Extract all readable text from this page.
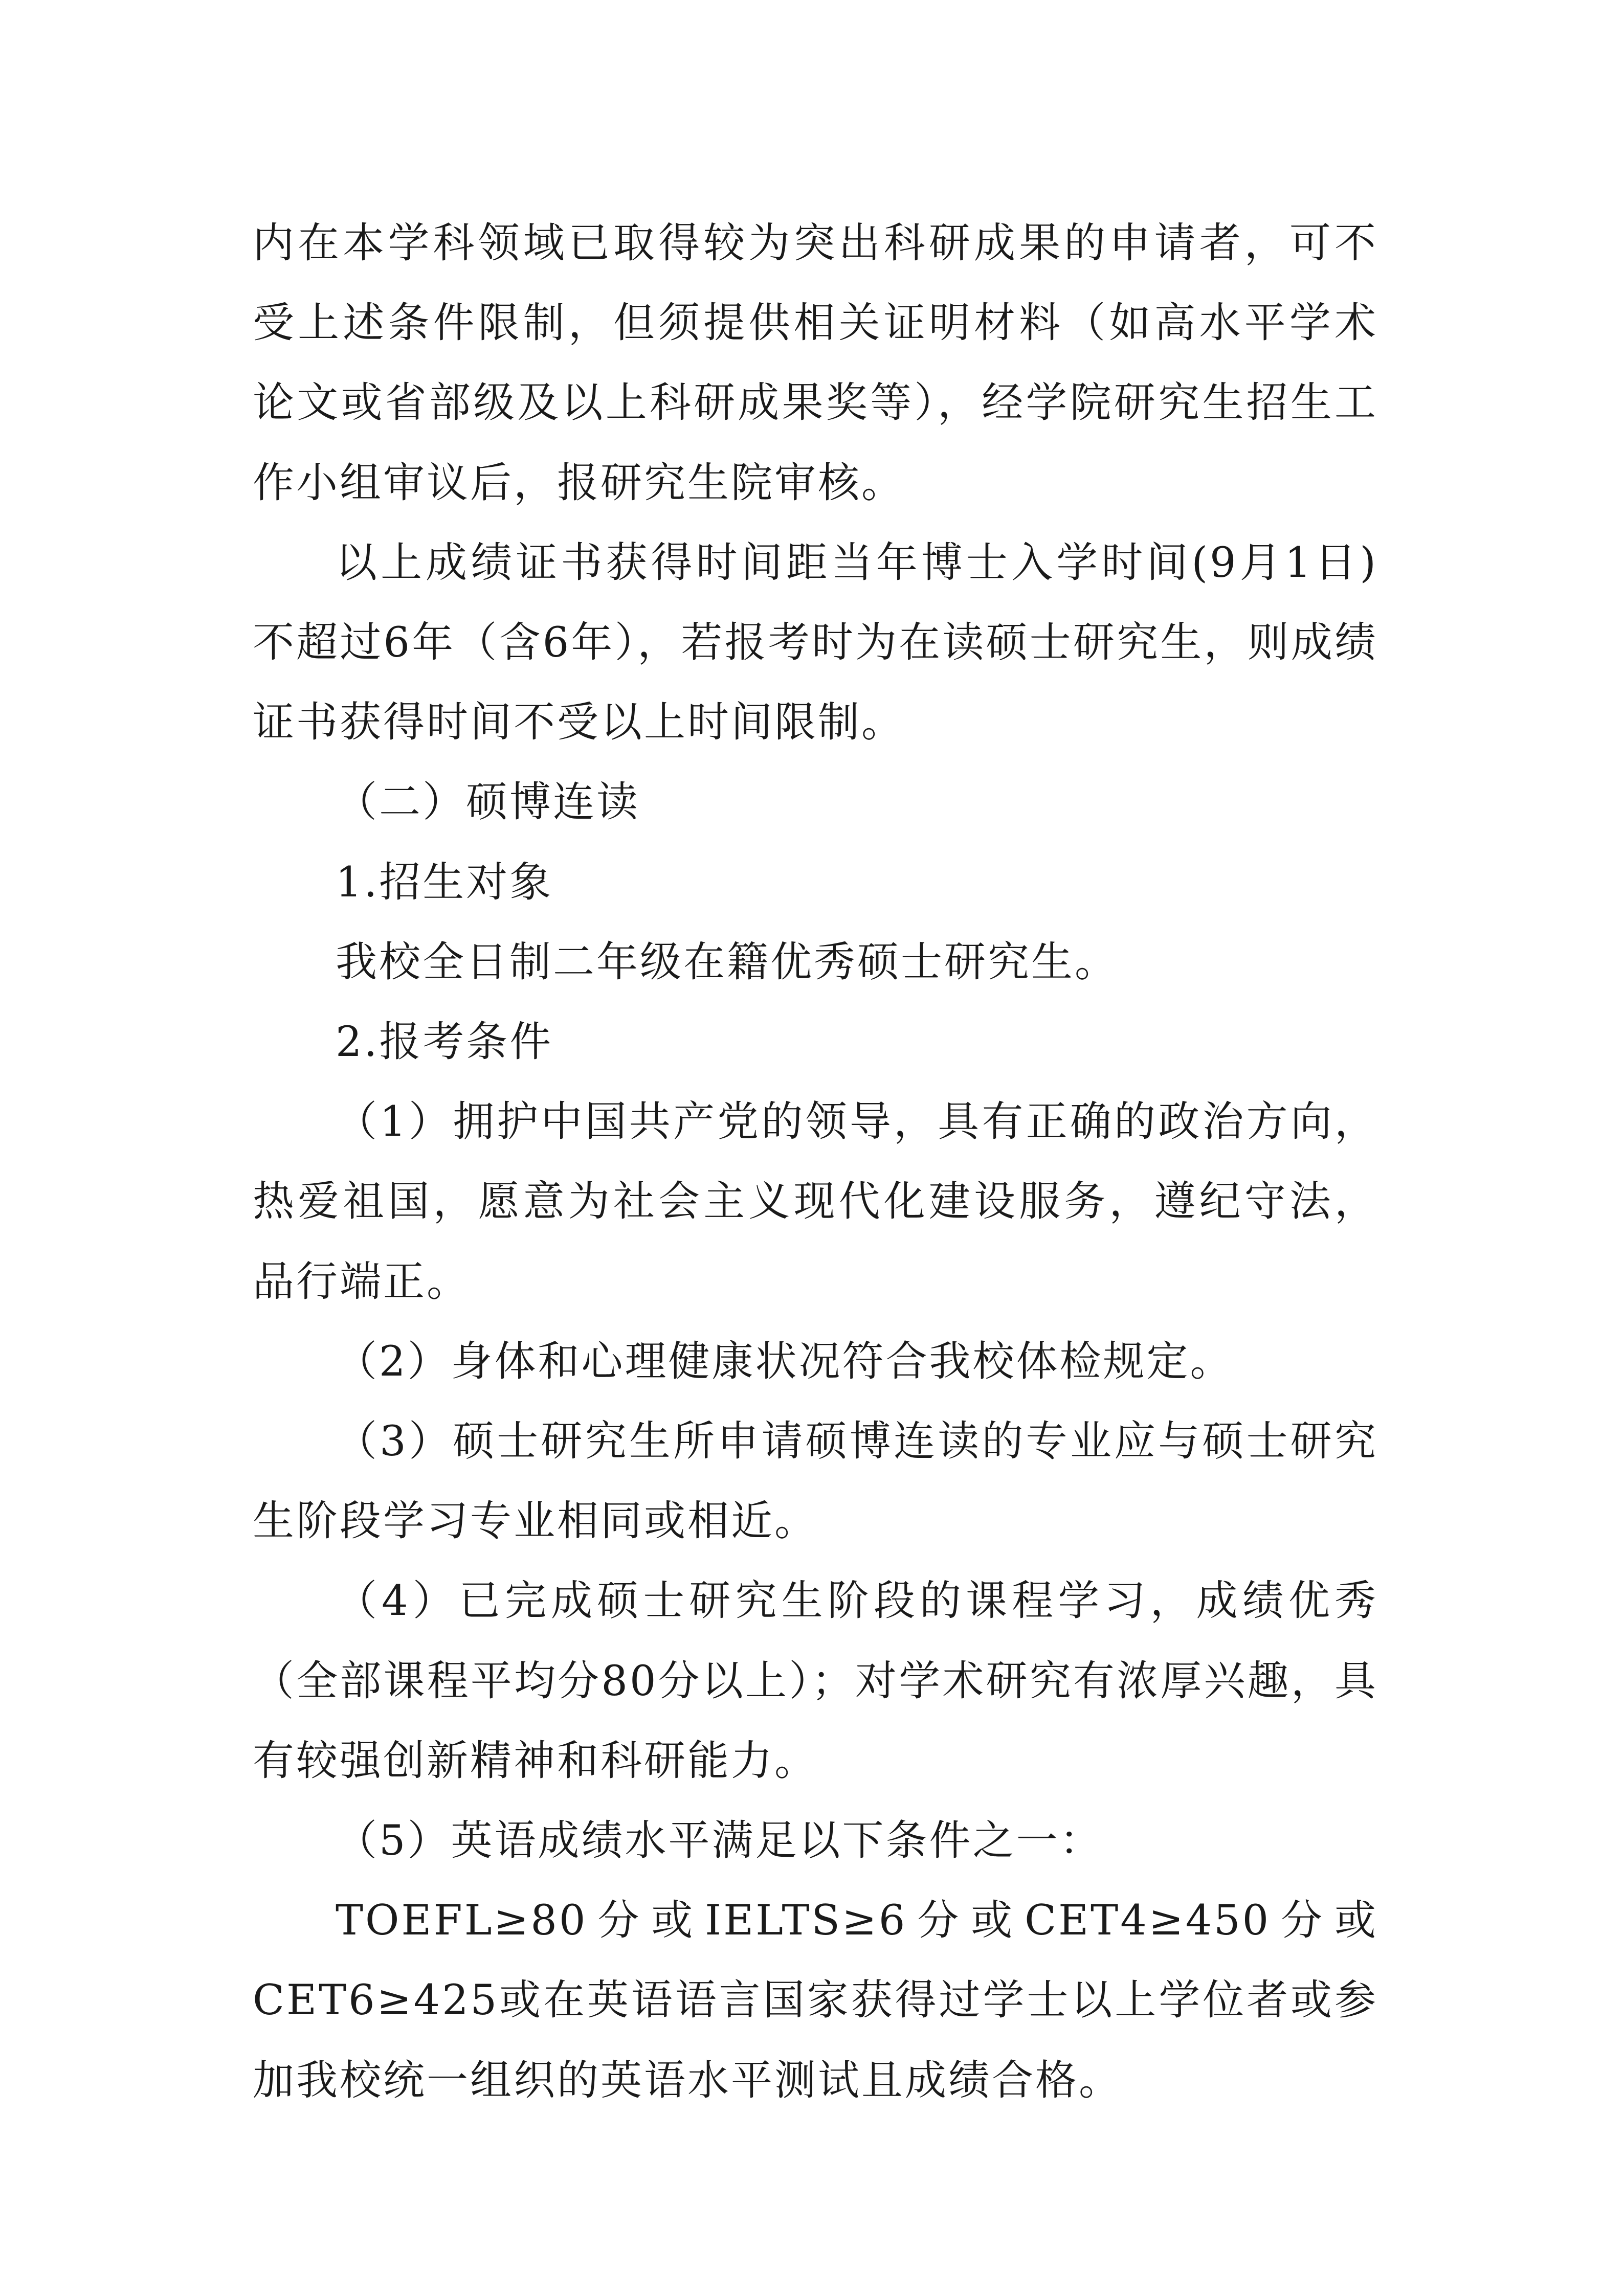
内在本学科领域已取得较为突出科研成果的申请者，可不受上述条件限制，但须提供相关证明材料（如高水平学术论文或省部级及以上科研成果奖等），经学院研究生招生工作小组审议后，报研究生院审核。

以上成绩证书获得时间距当年博士入学时间(9月1日)不超过6年（含6年），若报考时为在读硕士研究生，则成绩证书获得时间不受以上时间限制。

（二）硕博连读

1.招生对象

我校全日制二年级在籍优秀硕士研究生。

2.报考条件

（1）拥护中国共产党的领导，具有正确的政治方向，热爱祖国，愿意为社会主义现代化建设服务，遵纪守法，品行端正。

（2）身体和心理健康状况符合我校体检规定。

（3）硕士研究生所申请硕博连读的专业应与硕士研究生阶段学习专业相同或相近。

（4）已完成硕士研究生阶段的课程学习，成绩优秀（全部课程平均分80分以上）；对学术研究有浓厚兴趣，具有较强创新精神和科研能力。

（5）英语成绩水平满足以下条件之一：

TOEFL≥80分或IELTS≥6分或CET4≥450分或CET6≥425或在英语语言国家获得过学士以上学位者或参加我校统一组织的英语水平测试且成绩合格。
